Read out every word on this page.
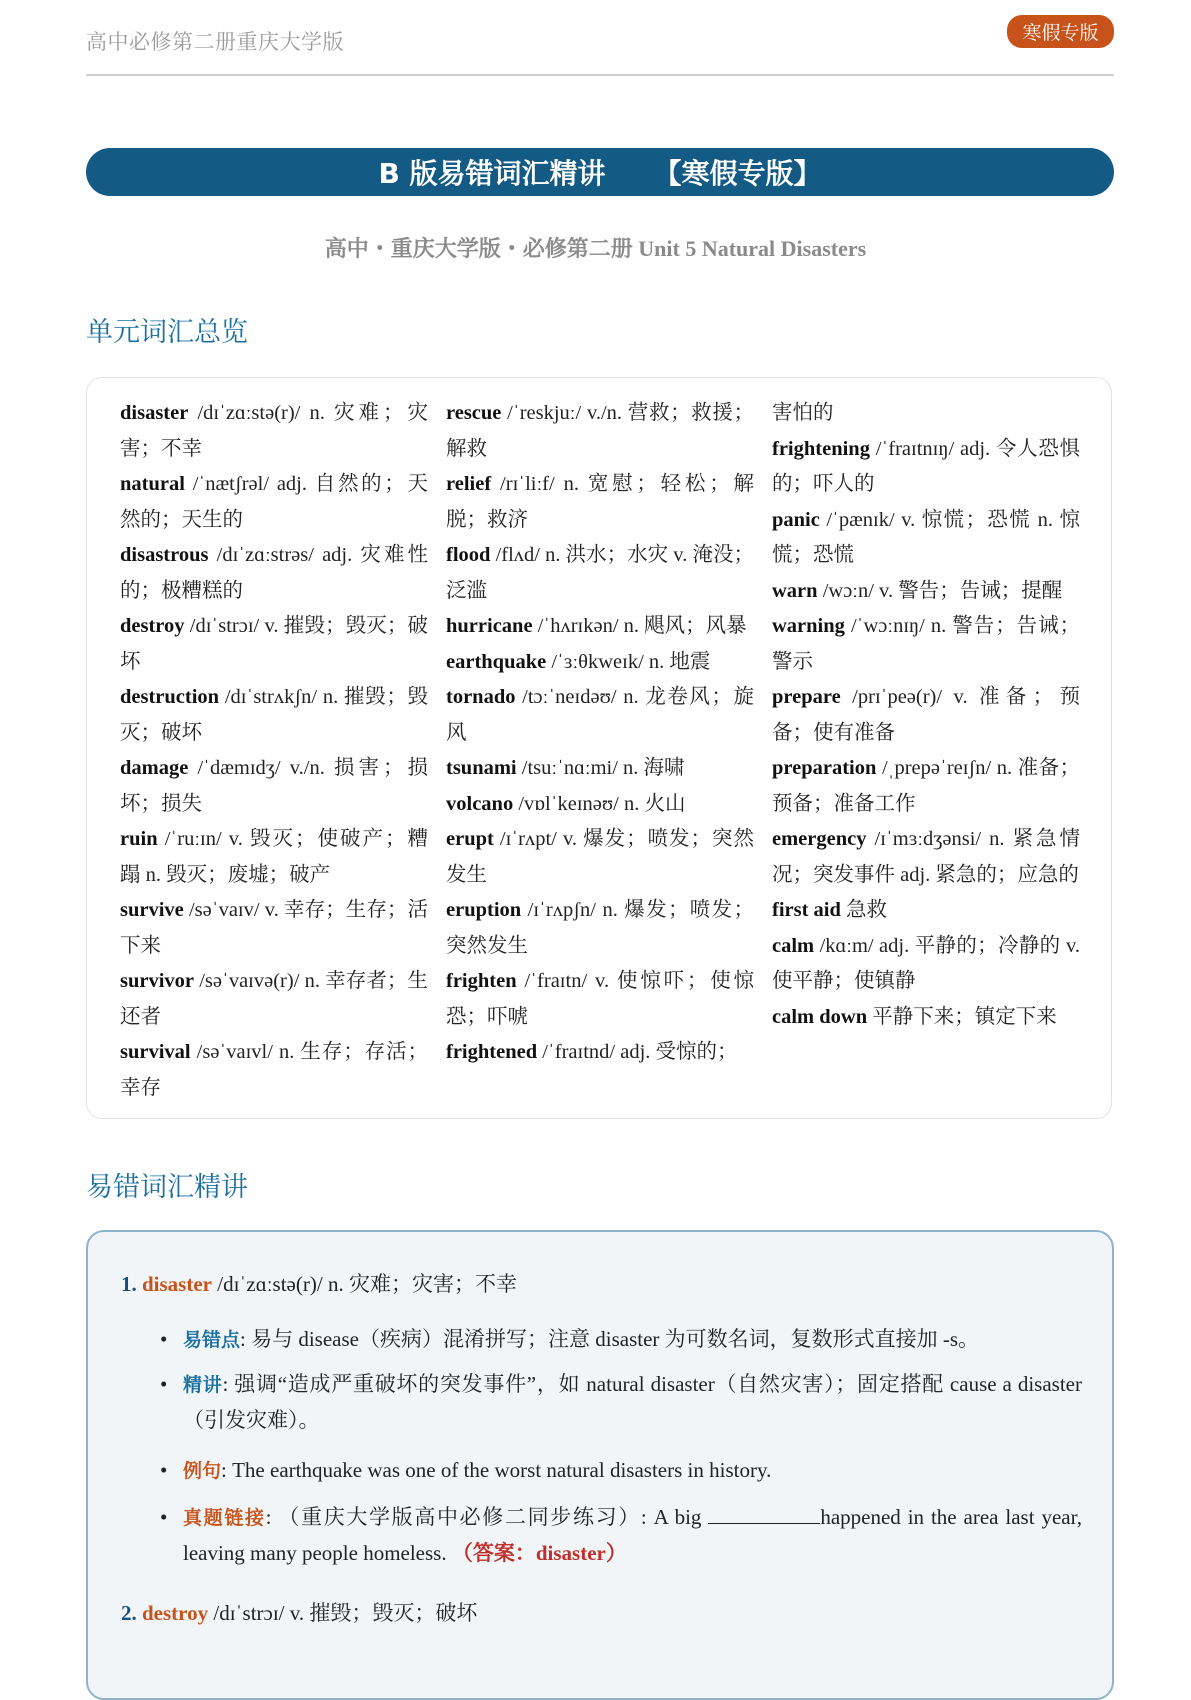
高中必修第二册重庆大学版	寒假专版
B 版易错词汇精讲 【寒假专版】
高中・重庆大学版・必修第二册 Unit 5 Natural Disasters
单元词汇总览
disaster /dɪˈzɑːstə(r)/ n. 灾难；灾害；不幸
natural /ˈnætʃrəl/ adj. 自然的；天然的；天生的
disastrous /dɪˈzɑːstrəs/ adj. 灾难性的；极糟糕的
destroy /dɪˈstrɔɪ/ v. 摧毁；毁灭；破坏
destruction /dɪˈstrʌkʃn/ n. 摧毁；毁灭；破坏
damage /ˈdæmɪdʒ/ v./n. 损害；损坏；损失
ruin /ˈruːɪn/ v. 毁灭；使破产；糟蹋 n. 毁灭；废墟；破产
survive /səˈvaɪv/ v. 幸存；生存；活下来
survivor /səˈvaɪvə(r)/ n. 幸存者；生还者
survival /səˈvaɪvl/ n. 生存；存活；幸存
rescue /ˈreskjuː/ v./n. 营救；救援；解救
relief /rɪˈliːf/ n. 宽慰；轻松；解脱；救济
flood /flʌd/ n. 洪水；水灾 v. 淹没；泛滥
hurricane /ˈhʌrɪkən/ n. 飓风；风暴
earthquake /ˈɜːθkweɪk/ n. 地震
tornado /tɔːˈneɪdəʊ/ n. 龙卷风；旋风
tsunami /tsuːˈnɑːmi/ n. 海啸
volcano /vɒlˈkeɪnəʊ/ n. 火山
erupt /ɪˈrʌpt/ v. 爆发；喷发；突然发生
eruption /ɪˈrʌpʃn/ n. 爆发；喷发；突然发生
frighten /ˈfraɪtn/ v. 使惊吓；使惊恐；吓唬
frightened /ˈfraɪtnd/ adj. 受惊的；
害怕的
frightening /ˈfraɪtnɪŋ/ adj. 令人恐惧的；吓人的
panic /ˈpænɪk/ v. 惊慌；恐慌 n. 惊慌；恐慌
warn /wɔːn/ v. 警告；告诫；提醒
warning /ˈwɔːnɪŋ/ n. 警告；告诫；警示
prepare /prɪˈpeə(r)/ v. 准备；预备；使有准备
preparation /ˌprepəˈreɪʃn/ n. 准备；预备；准备工作
emergency /ɪˈmɜːdʒənsi/ n. 紧急情况；突发事件 adj. 紧急的；应急的
first aid 急救
calm /kɑːm/ adj. 平静的；冷静的 v. 使平静；使镇静
calm down 平静下来；镇定下来
易错词汇精讲
1. disaster /dɪˈzɑːstə(r)/ n. 灾难；灾害；不幸
• 易错点: 易与 disease（疾病）混淆拼写；注意 disaster 为可数名词，复数形式直接加 -s。
• 精讲: 强调“造成严重破坏的突发事件”，如 natural disaster（自然灾害）；固定搭配 cause a disaster（引发灾难）。
• 例句: The earthquake was one of the worst natural disasters in history.
• 真题链接: （重庆大学版高中必修二同步练习）: A big	happened in the area last year, leaving many people homeless. （答案：disaster）
2. destroy /dɪˈstrɔɪ/ v. 摧毁；毁灭；破坏
